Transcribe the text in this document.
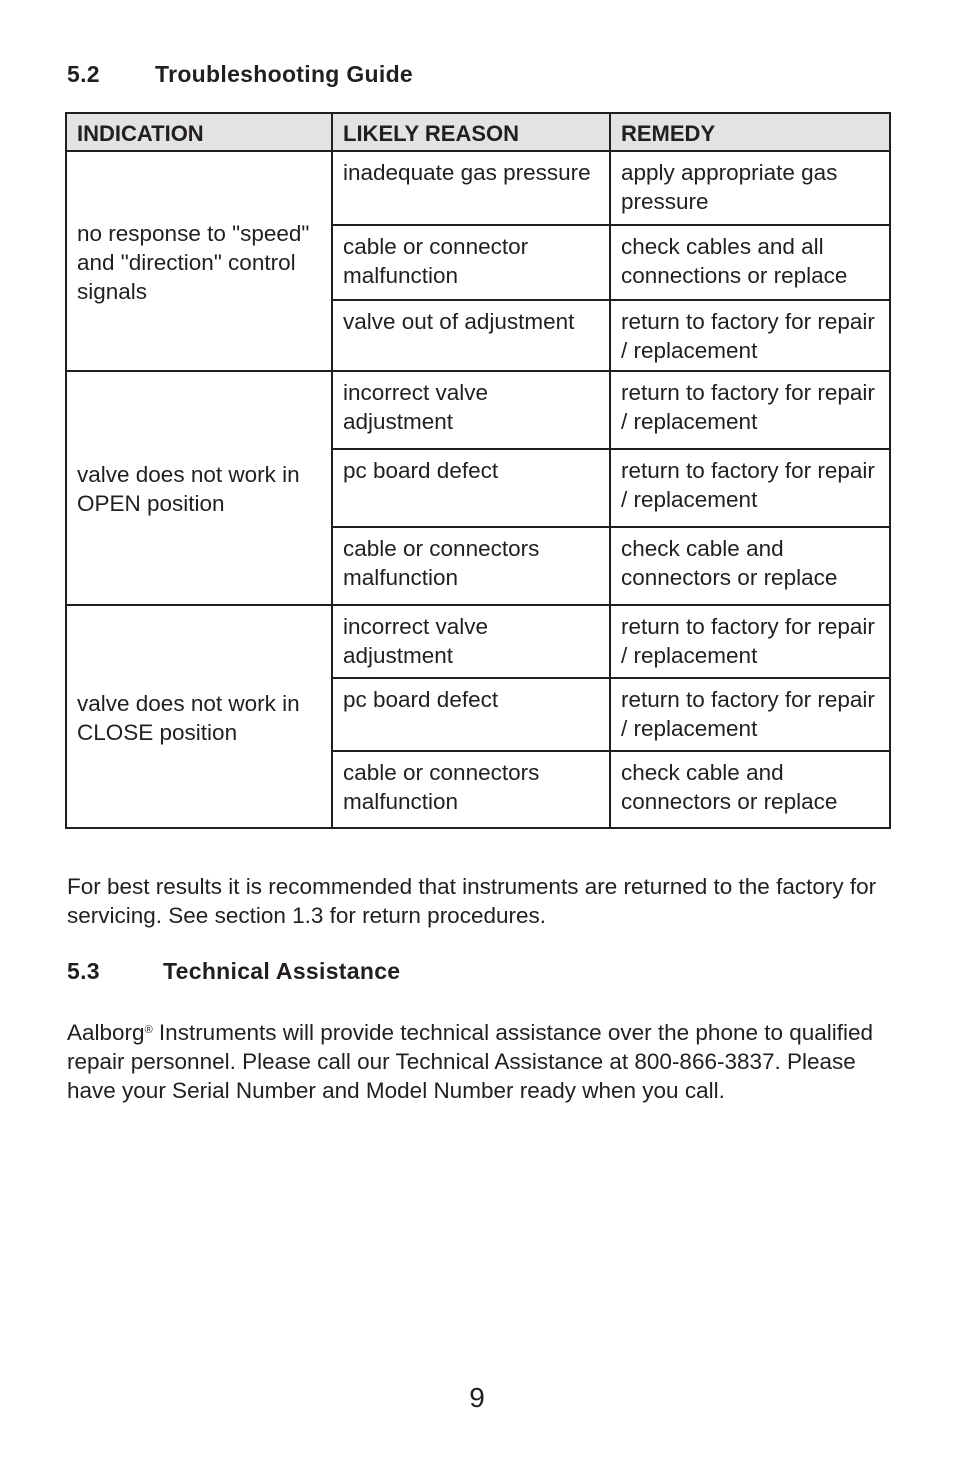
5.2	Troubleshooting Guide
INDICATION	LIKELY REASON	REMEDY
no response to "speed" and "direction" control signals	inadequate gas pressure	apply appropriate gas pressure
	cable or connector malfunction	check cables and all connections or replace
	valve out of adjustment	return to factory for repair / replacement
valve does not work in OPEN position	incorrect valve adjustment	return to factory for repair / replacement
	pc board defect	return to factory for repair / replacement
	cable or connectors malfunction	check cable and connectors or replace
valve does not work in CLOSE position	incorrect valve adjustment	return to factory for repair / replacement
	pc board defect	return to factory for repair / replacement
	cable or connectors malfunction	check cable and connectors or replace

For best results it is recommended that instruments are returned to the factory for servicing. See section 1.3 for return procedures.

5.3	Technical Assistance

Aalborg® Instruments will provide technical assistance over the phone to qualified repair personnel. Please call our Technical Assistance at 800-866-3837. Please have your Serial Number and Model Number ready when you call.

9
